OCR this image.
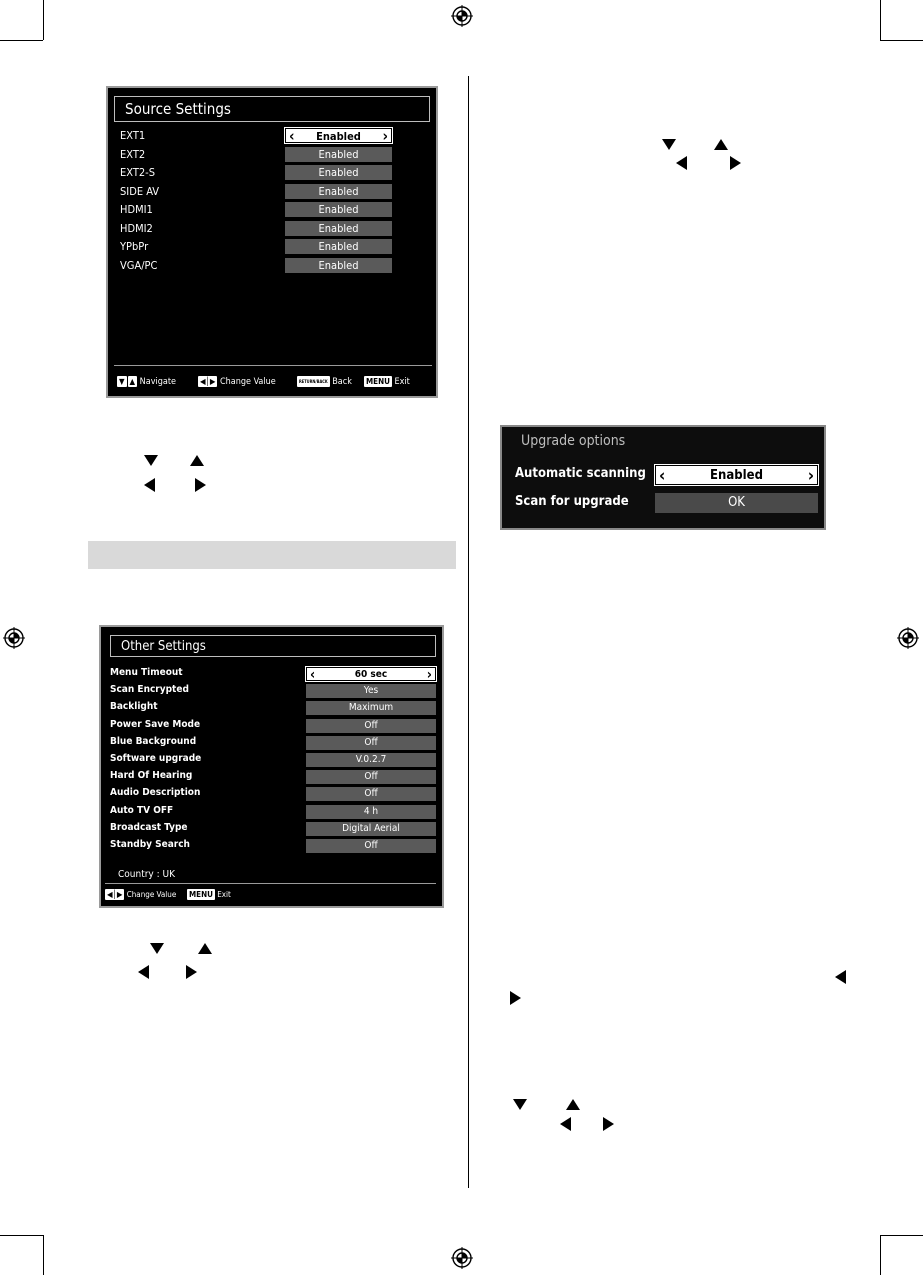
Source Settings
EXT1	‹ Enabled ›
EXT2	Enabled
EXT2-S	Enabled
SIDE AV	Enabled
HDMI1	Enabled
HDMI2	Enabled
YPbPr	Enabled
VGA/PC	Enabled
▼ ▲ Navigate	◀│▶ Change Value	RETURN/BACK Back MENU Exit
Other Settings
Menu Timeout	‹	60 sec	›
Scan Encrypted	Yes
Backlight	Maximum
Power Save Mode	Off
Blue Background	Off
Software upgrade	V.0.2.7
Hard Of Hearing	Off
Audio Description	Off
Auto TV OFF	4 h
Broadcast Type	Digital Aerial
Standby Search	Off
Country : UK
◀│▶ Change Value MENU Exit
Upgrade options
Automatic scanning ‹	Enabled	›
Scan for upgrade	OK
